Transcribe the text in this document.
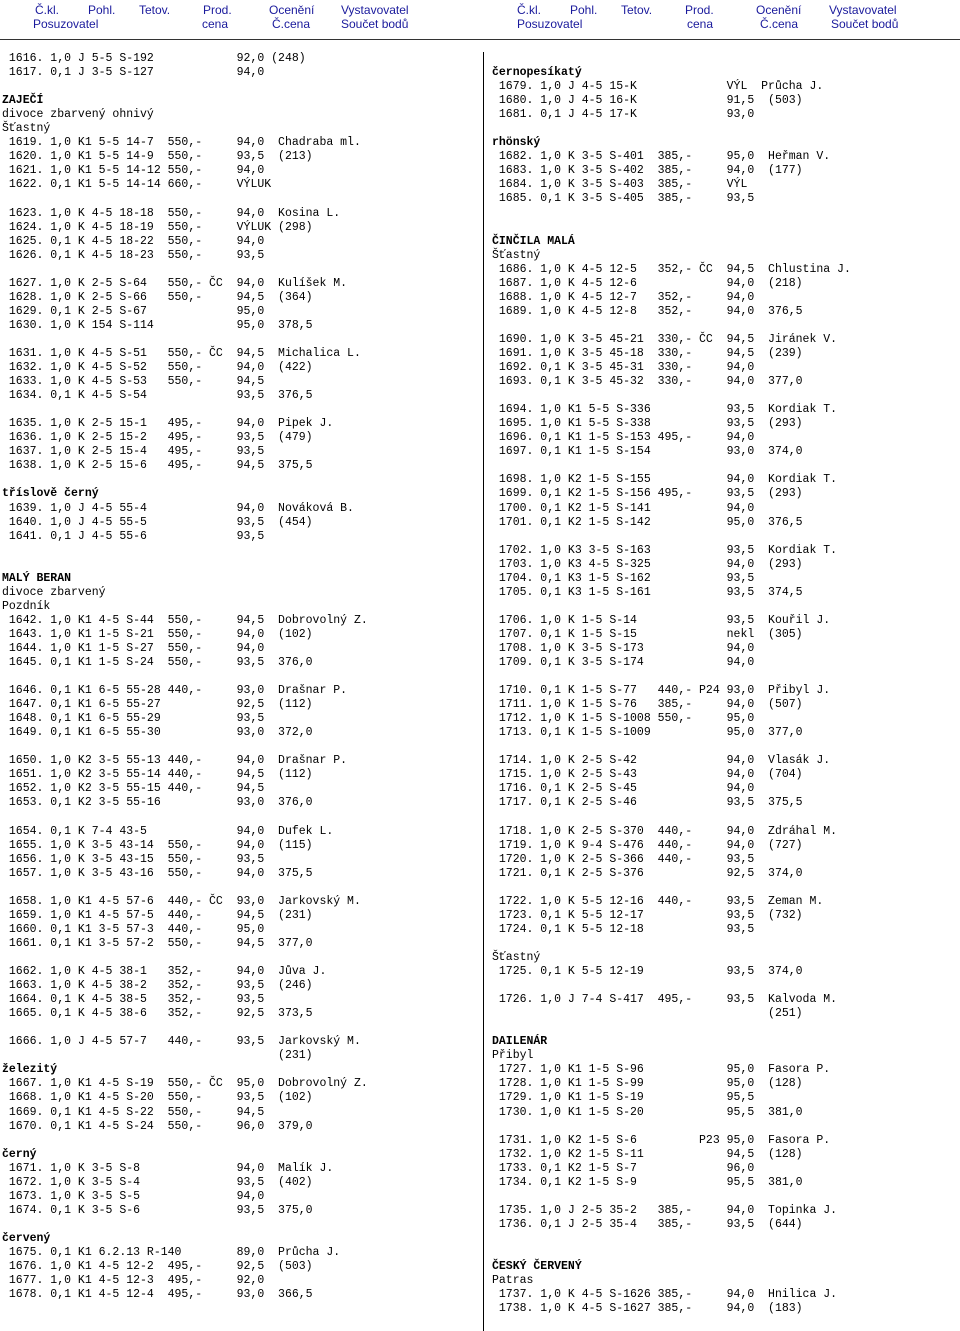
Č.kl. Pohl. Tetov.	Prod.	Ocenění Vystavovatel
Posuzovatel	cena	Č.cena	Součet bodů
Č.kl. Pohl. Tetov.	Prod.	Ocenění Vystavovatel
Posuzovatel	cena	Č.cena	Součet bodů
1616. 1,0 J 5-5 S-192            92,0 (248)
1617. 0,1 J 3-5 S-127            94,0

ZAJEČÍ
divoce zbarvený ohnivý
Šťastný
1619. 1,0 K1 5-5 14-7  550,-     94,0  Chadraba ml.
1620. 1,0 K1 5-5 14-9  550,-     93,5  (213)
1621. 1,0 K1 5-5 14-12 550,-     94,0
1622. 0,1 K1 5-5 14-14 660,-     VÝLUK

1623. 1,0 K 4-5 18-18  550,-     94,0  Kosina L.
1624. 1,0 K 4-5 18-19  550,-     VÝLUK (298)
1625. 0,1 K 4-5 18-22  550,-     94,0
1626. 0,1 K 4-5 18-23  550,-     93,5

1627. 1,0 K 2-5 S-64   550,- ČC  94,0  Kulíšek M.
1628. 1,0 K 2-5 S-66   550,-     94,5  (364)
1629. 0,1 K 2-5 S-67             95,0
1630. 1,0 K 154 S-114            95,0  378,5

1631. 1,0 K 4-5 S-51   550,- ČC  94,5  Michalica L.
1632. 1,0 K 4-5 S-52   550,-     94,0  (422)
1633. 1,0 K 4-5 S-53   550,-     94,5
1634. 0,1 K 4-5 S-54             93,5  376,5

1635. 1,0 K 2-5 15-1   495,-     94,0  Pipek J.
1636. 1,0 K 2-5 15-2   495,-     93,5  (479)
1637. 1,0 K 2-5 15-4   495,-     93,5
1638. 1,0 K 2-5 15-6   495,-     94,5  375,5

tříslově černý
1639. 1,0 J 4-5 55-4             94,0  Nováková B.
1640. 1,0 J 4-5 55-5             93,5  (454)
1641. 0,1 J 4-5 55-6             93,5

MALÝ BERAN
divoce zbarvený
Pozdník
1642. 1,0 K1 4-5 S-44  550,-     94,5  Dobrovolný Z.
1643. 1,0 K1 1-5 S-21  550,-     94,0  (102)
1644. 1,0 K1 1-5 S-27  550,-     94,0
1645. 0,1 K1 1-5 S-24  550,-     93,5  376,0

1646. 0,1 K1 6-5 55-28 440,-     93,0  Drašnar P.
1647. 0,1 K1 6-5 55-27           92,5  (112)
1648. 0,1 K1 6-5 55-29           93,5
1649. 0,1 K1 6-5 55-30           93,0  372,0

1650. 1,0 K2 3-5 55-13 440,-     94,0  Drašnar P.
1651. 1,0 K2 3-5 55-14 440,-     94,5  (112)
1652. 1,0 K2 3-5 55-15 440,-     94,5
1653. 0,1 K2 3-5 55-16           93,0  376,0

1654. 0,1 K 7-4 43-5             94,0  Dufek L.
1655. 1,0 K 3-5 43-14  550,-     94,0  (115)
1656. 1,0 K 3-5 43-15  550,-     93,5
1657. 1,0 K 3-5 43-16  550,-     94,0  375,5

1658. 1,0 K1 4-5 57-6  440,- ČC  93,0  Jarkovský M.
1659. 1,0 K1 4-5 57-5  440,-     94,5  (231)
1660. 0,1 K1 3-5 57-3  440,-     95,0
1661. 0,1 K1 3-5 57-2  550,-     94,5  377,0

1662. 1,0 K 4-5 38-1   352,-     94,0  Jůva J.
1663. 1,0 K 4-5 38-2   352,-     93,5  (246)
1664. 0,1 K 4-5 38-5   352,-     93,5
1665. 0,1 K 4-5 38-6   352,-     92,5  373,5

1666. 1,0 J 4-5 57-7   440,-     93,5  Jarkovský M.
(231)
železitý
1667. 1,0 K1 4-5 S-19  550,- ČC  95,0  Dobrovolný Z.
1668. 1,0 K1 4-5 S-20  550,-     93,5  (102)
1669. 0,1 K1 4-5 S-22  550,-     94,5
1670. 0,1 K1 4-5 S-24  550,-     96,0  379,0

černý
1671. 1,0 K 3-5 S-8              94,0  Malík J.
1672. 1,0 K 3-5 S-4              93,5  (402)
1673. 1,0 K 3-5 S-5              94,0
1674. 0,1 K 3-5 S-6              93,5  375,0

červený
1675. 0,1 K1 6.2.13 R-140        89,0  Průcha J.
1676. 1,0 K1 4-5 12-2  495,-     92,5  (503)
1677. 1,0 K1 4-5 12-3  495,-     92,0
1678. 0,1 K1 4-5 12-4  495,-     93,0  366,5

černopesíkatý
1679. 1,0 J 4-5 15-K             VÝL  Průcha J.
1680. 1,0 J 4-5 16-K             91,5  (503)
1681. 0,1 J 4-5 17-K             93,0

rhönský
1682. 1,0 K 3-5 S-401  385,-     95,0  Heřman V.
1683. 1,0 K 3-5 S-402  385,-     94,0  (177)
1684. 1,0 K 3-5 S-403  385,-     VÝL
1685. 0,1 K 3-5 S-405  385,-     93,5

ČINČILA MALÁ
Šťastný
1686. 1,0 K 4-5 12-5   352,- ČC  94,5  Chlustina J.
1687. 1,0 K 4-5 12-6             94,0  (218)
1688. 1,0 K 4-5 12-7   352,-     94,0
1689. 1,0 K 4-5 12-8   352,-     94,0  376,5

1690. 1,0 K 3-5 45-21  330,- ČC  94,5  Jiránek V.
1691. 1,0 K 3-5 45-18  330,-     94,5  (239)
1692. 0,1 K 3-5 45-31  330,-     94,0
1693. 0,1 K 3-5 45-32  330,-     94,0  377,0

1694. 1,0 K1 5-5 S-336           93,5  Kordiak T.
1695. 1,0 K1 5-5 S-338           93,5  (293)
1696. 0,1 K1 1-5 S-153 495,-     94,0
1697. 0,1 K1 1-5 S-154           93,0  374,0

1698. 1,0 K2 1-5 S-155           94,0  Kordiak T.
1699. 0,1 K2 1-5 S-156 495,-     93,5  (293)
1700. 0,1 K2 1-5 S-141           94,0
1701. 0,1 K2 1-5 S-142           95,0  376,5

1702. 1,0 K3 3-5 S-163           93,5  Kordiak T.
1703. 1,0 K3 4-5 S-325           94,0  (293)
1704. 0,1 K3 1-5 S-162           93,5
1705. 0,1 K3 1-5 S-161           93,5  374,5

1706. 1,0 K 1-5 S-14             93,5  Kouřil J.
1707. 0,1 K 1-5 S-15             nekl  (305)
1708. 1,0 K 3-5 S-173            94,0
1709. 0,1 K 3-5 S-174            94,0

1710. 0,1 K 1-5 S-77   440,- P24 93,0  Přibyl J.
1711. 1,0 K 1-5 S-76   385,-     94,0  (507)
1712. 1,0 K 1-5 S-1008 550,-     95,0
1713. 0,1 K 1-5 S-1009           95,0  377,0

1714. 1,0 K 2-5 S-42             94,0  Vlasák J.
1715. 1,0 K 2-5 S-43             94,0  (704)
1716. 0,1 K 2-5 S-45             94,0
1717. 0,1 K 2-5 S-46             93,5  375,5

1718. 1,0 K 2-5 S-370  440,-     94,0  Zdráhal M.
1719. 1,0 K 9-4 S-476  440,-     94,0  (727)
1720. 1,0 K 2-5 S-366  440,-     93,5
1721. 0,1 K 2-5 S-376            92,5  374,0

1722. 1,0 K 5-5 12-16  440,-     93,5  Zeman M.
1723. 0,1 K 5-5 12-17            93,5  (732)
1724. 0,1 K 5-5 12-18            93,5

Šťastný
1725. 0,1 K 5-5 12-19            93,5  374,0

1726. 1,0 J 7-4 S-417  495,-     93,5  Kalvoda M.
(251)

DAILENÁR
Přibyl
1727. 1,0 K1 1-5 S-96            95,0  Fasora P.
1728. 1,0 K1 1-5 S-99            95,0  (128)
1729. 1,0 K1 1-5 S-19            95,5
1730. 1,0 K1 1-5 S-20            95,5  381,0

1731. 1,0 K2 1-5 S-6         P23 95,0  Fasora P.
1732. 1,0 K2 1-5 S-11            94,5  (128)
1733. 0,1 K2 1-5 S-7             96,0
1734. 0,1 K2 1-5 S-9             95,5  381,0

1735. 1,0 J 2-5 35-2   385,-     94,0  Topinka J.
1736. 0,1 J 2-5 35-4   385,-     93,5  (644)

ČESKÝ ČERVENÝ
Patras
1737. 1,0 K 4-5 S-1626 385,-     94,0  Hnilica J.
1738. 1,0 K 4-5 S-1627 385,-     94,0  (183)
